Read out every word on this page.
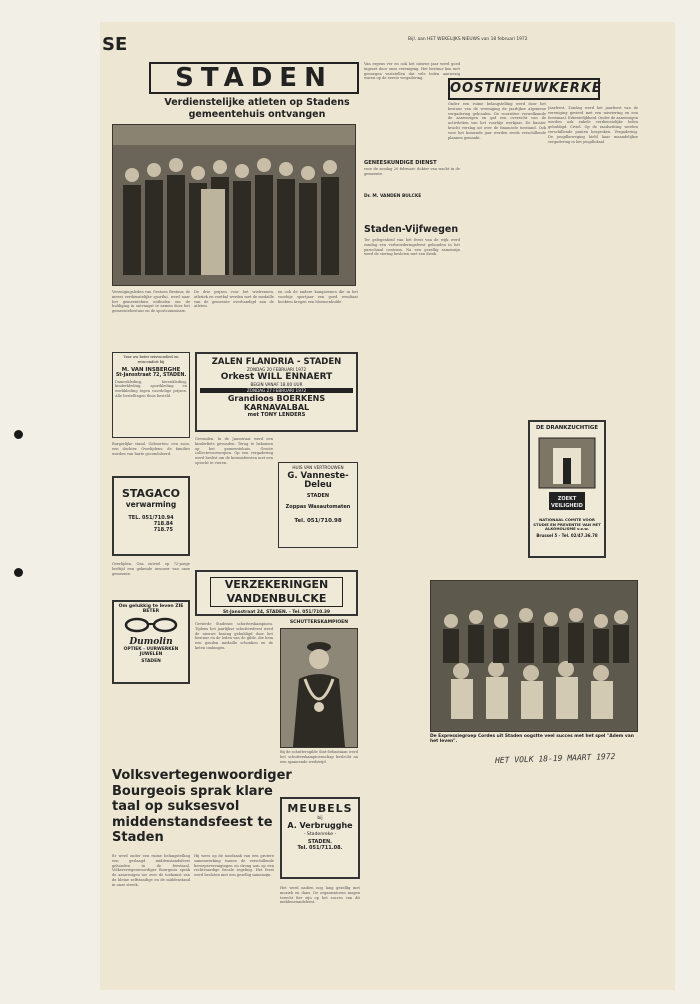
SE	Bijl. aan HET WEKELIJKS NIEUWS van 18 februari 1972
STADEN
Verdienstelijke atleten op Stadens gemeentehuis ontvangen
Verenigingsleden van Gestoen Bestuur, de meest verdienstelijke sportlui, werd naar het gemeentehuis ontboden om de huldiging in ontvangst te nemen door het gemeentebestuur en de sportcommissie.
De drie prijzen voor het wielrennen, atletiek en voetbal werden met de medaille van de gemeente overhandigd aan de atleten.
en ook de andere kampioenen die in het voorbije sportjaar een goed resultaat boekten kregen een bloemenhulde.
Voor uw beter reisvoordeel en reiscomfort bij
M. VAN INSBERGHE
St-Jansstraat 72, STADEN.
Dameskleding, herenkleding, kinderkleding, sportkleding en werkkleding tegen voordelige prijzen. Alle bestellingen thuis besteld.
ZALEN FLANDRIA - STADEN
ZONDAG 20 FEBRUARI 1972
Orkest WILL ENNAERT
BEGIN VANAF 18.00 UUR
ZONDAG 27 FEBRUARI 1972
Grandioos BOERKENS KARNAVALBAL
met TONY LENDERS
Burgerlijke stand. Geboorten: een zoon, een dochter. Overlijdens: de families worden van harte gecondoleerd.
Gevonden. In de Jansstraat werd een kinderfiets gevonden. Terug te bekomen op het gemeentehuis. Groote collectevoorwerpen. Op een vergadering werd beslist om de kermisfeesten met een optocht te vieren.
STAGACO
verwarming
TEL. 051/710.94
718.84
718.75
HUIS VAN VERTROUWEN
G. Vanneste-Deleu
STADEN
Zoppas Wasautomaten
Tel. 051/710.98
Overlijden. Ons ontviel op 72-jarige leeftijd een gekende inwoner van onze gemeente.
VERZEKERINGEN VANDENBULCKE
St-Jansstraat 24, STADEN. - Tel. 051/710.39
Om gelukkig te leven ZIE BETER
Dumolin
OPTIEK - UURWERKEN JUWELEN
STADEN
Gevierde Stadense schutterskampioen. Tijdens het jaarlijkse schuttersfeest werd de nieuwe koning gehuldigd door het bestuur en de leden van de gilde, die hem een gouden medaille schonken en de keten omhingen.
SCHUTTERSKAMPIOEN
Bij de schuttersgilde Sint-Sebastiaan werd het schutterskampioenschap beslecht na een spannende wedstrijd.
Volksvertegenwoordiger Bourgeois sprak klare taal op suksesvol middenstandsfeest te Staden
MEUBELS
bij
A. Verbrugghe
- Stadenreke -
STADEN.
Tel. 051/711.08.
Er werd onder een ruime belangstelling een geslaagd middenstandsfeest gehouden in de feestzaal. Volksvertegenwoordiger Bourgeois sprak de aanwezigen toe over de toekomst van de kleine zelfstandige en de middenstand in onze streek.
Hij wees op de noodzaak van een grotere samenwerking tussen de verschillende beroepsverenigingen en drong aan op een rechtvaardige fiscale regeling. Het feest werd besloten met een gezellig samenzijn.
Het werd nadien nog lang gezellig met muziek en dans. De organisatoren mogen terecht fier zijn op het succes van dit middenstandsfeest.
Van ergens ver en ook het nieuwe jaar werd goed ingezet door onze vereniging. Het bestuur kon met genoegen vaststellen dat vele leden aanwezig waren op de eerste vergadering.
GENEESKUNDIGE DIENST
voor de zondag 20 februari: dokter van wacht in de gemeente.
Dr. M. VANDEN BULCKE
Staden-Vijfwegen
Ter gelegenheid van het feest van de wijk werd zondag een verbroederingsfeest gehouden in het parochiaal centrum. Na een gezellig samenzijn werd de viering besloten met een drink.
Onder een ruime belangstelling werd door het bestuur van de vereniging de jaarlijkse algemene vergadering gehouden. De voorzitter verwelkomde de aanwezigen en gaf een overzicht van de activiteiten van het voorbije werkjaar. De kassier bracht verslag uit over de financiele toestand. Ook voor het komende jaar werden reeds verschillende plannen gemaakt.
OOSTNIEUWKERKE
Jaarfeest. Zondag werd het jaarfeest van de vereniging gevierd met een misviering en een feestmaal. Erkentelijkheid. Onder de aanwezigen werden ook enkele verdienstelijke leden gehuldigd. Civiel. Op de raadszitting werden verschillende punten besproken. Vergadering. De jeugdbeweging hield haar maandelijkse vergadering in het jeugdlokaal.
DE DRANKZUCHTIGE
ZOEKT
VEILIGHEID
NATIONAAL COMITE VOOR STUDIE EN PREVENTIE VAN HET ALKOHOLISME v.z.w.
Brussel 5 - Tel. 02/47.36.78
De Expressiegroep Cordes uit Staden oogstte veel succes met het spel "Adem van het leven".
HET VOLK 18-19 MAART 1972
